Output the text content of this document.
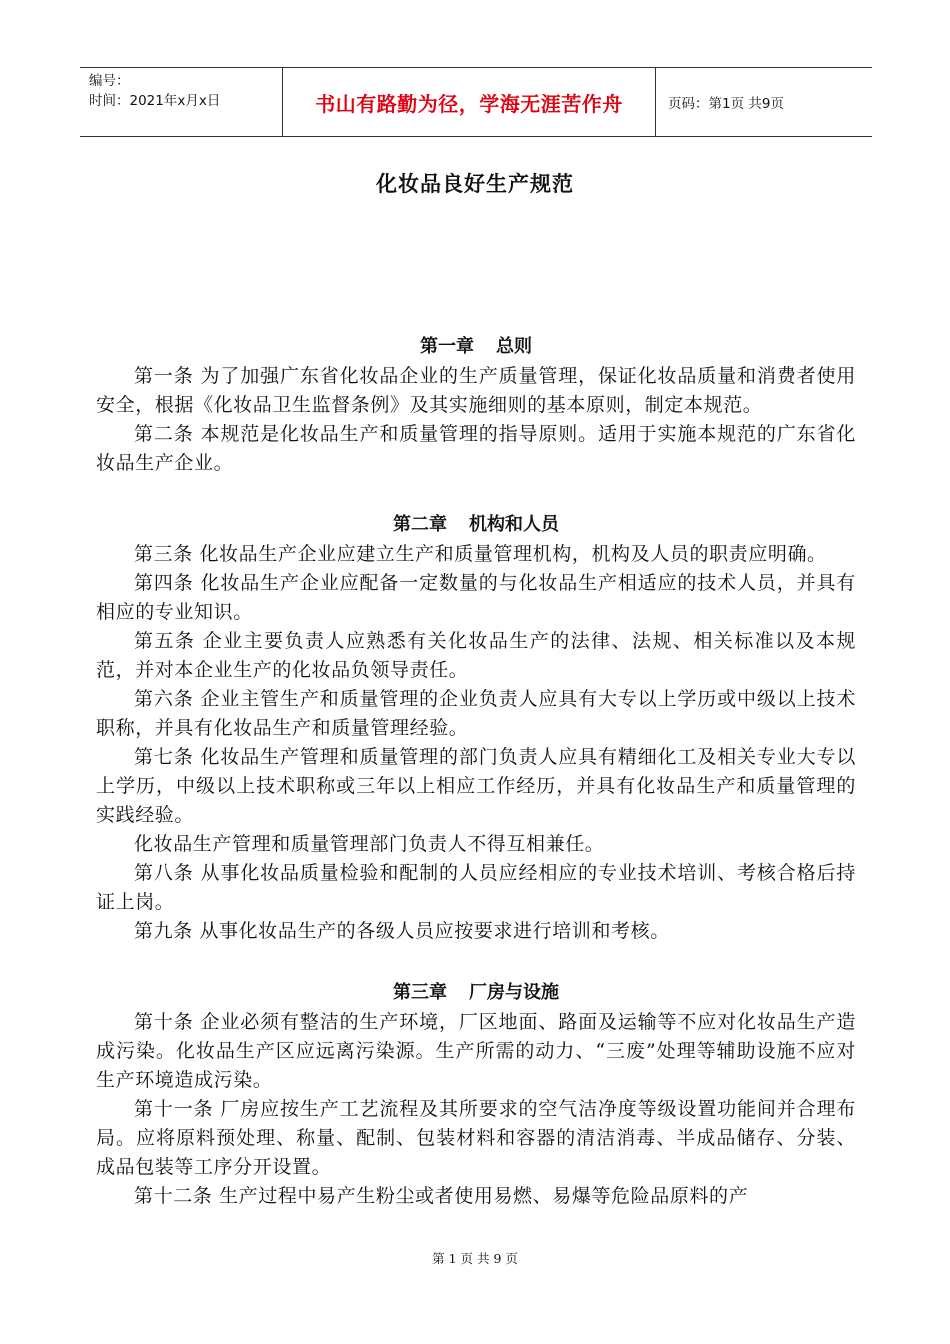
编号：
时间：2021年x月x日	书山有路勤为径，学海无涯苦作舟	页码：第1页 共9页
化妆品良好生产规范
第一章 总则

第一条 为了加强广东省化妆品企业的生产质量管理，保证化妆品质量和消费者使用安全，根据《化妆品卫生监督条例》及其实施细则的基本原则，制定本规范。

第二条 本规范是化妆品生产和质量管理的指导原则。适用于实施本规范的广东省化妆品生产企业。

第二章 机构和人员

第三条 化妆品生产企业应建立生产和质量管理机构，机构及人员的职责应明确。

第四条 化妆品生产企业应配备一定数量的与化妆品生产相适应的技术人员，并具有相应的专业知识。

第五条 企业主要负责人应熟悉有关化妆品生产的法律、法规、相关标准以及本规范，并对本企业生产的化妆品负领导责任。

第六条 企业主管生产和质量管理的企业负责人应具有大专以上学历或中级以上技术职称，并具有化妆品生产和质量管理经验。

第七条 化妆品生产管理和质量管理的部门负责人应具有精细化工及相关专业大专以上学历，中级以上技术职称或三年以上相应工作经历，并具有化妆品生产和质量管理的实践经验。

化妆品生产管理和质量管理部门负责人不得互相兼任。

第八条 从事化妆品质量检验和配制的人员应经相应的专业技术培训、考核合格后持证上岗。

第九条 从事化妆品生产的各级人员应按要求进行培训和考核。

第三章 厂房与设施

第十条 企业必须有整洁的生产环境，厂区地面、路面及运输等不应对化妆品生产造成污染。化妆品生产区应远离污染源。生产所需的动力、“三废”处理等辅助设施不应对生产环境造成污染。

第十一条 厂房应按生产工艺流程及其所要求的空气洁净度等级设置功能间并合理布局。应将原料预处理、称量、配制、包装材料和容器的清洁消毒、半成品储存、分装、成品包装等工序分开设置。

第十二条 生产过程中易产生粉尘或者使用易燃、易爆等危险品原料的产

第 1 页 共 9 页
